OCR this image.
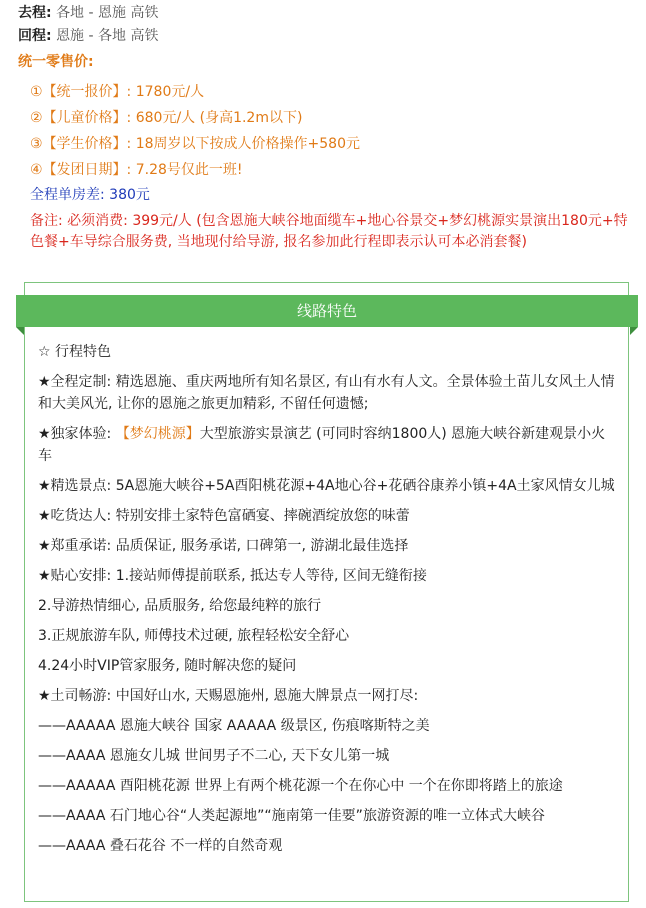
去程: 各地 - 恩施 高铁
回程: 恩施 - 各地 高铁
统一零售价:
①【统一报价】: 1780元/人
②【儿童价格】: 680元/人 (身高1.2m以下)
③【学生价格】: 18周岁以下按成人价格操作+580元
④【发团日期】: 7.28号仅此一班!
全程单房差: 380元
备注: 必须消费: 399元/人 (包含恩施大峡谷地面缆车+地心谷景交+梦幻桃源实景演出180元+特色餐+车导综合服务费, 当地现付给导游, 报名参加此行程即表示认可本必消套餐)
线路特色
☆ 行程特色
★全程定制: 精选恩施、重庆两地所有知名景区, 有山有水有人文。全景体验土苗儿女风土人情和大美风光, 让你的恩施之旅更加精彩, 不留任何遗憾;
★独家体验: 【梦幻桃源】大型旅游实景演艺 (可同时容纳1800人) 恩施大峡谷新建观景小火车
★精选景点: 5A恩施大峡谷+5A酉阳桃花源+4A地心谷+花硒谷康养小镇+4A土家风情女儿城
★吃货达人: 特别安排土家特色富硒宴、摔碗酒绽放您的味蕾
★郑重承诺: 品质保证, 服务承诺, 口碑第一, 游湖北最佳选择
★贴心安排: 1.接站师傅提前联系, 抵达专人等待, 区间无缝衔接
2.导游热情细心, 品质服务, 给您最纯粹的旅行
3.正规旅游车队, 师傅技术过硬, 旅程轻松安全舒心
4.24小时VIP管家服务, 随时解决您的疑问
★土司畅游: 中国好山水, 天赐恩施州, 恩施大牌景点一网打尽:
——AAAAA 恩施大峡谷 国家 AAAAA 级景区, 伤痕喀斯特之美
——AAAA 恩施女儿城 世间男子不二心, 天下女儿第一城
——AAAAA 酉阳桃花源 世界上有两个桃花源一个在你心中 一个在你即将踏上的旅途
——AAAA 石门地心谷“人类起源地”“施南第一佳要”旅游资源的唯一立体式大峡谷
——AAAA 叠石花谷 不一样的自然奇观
